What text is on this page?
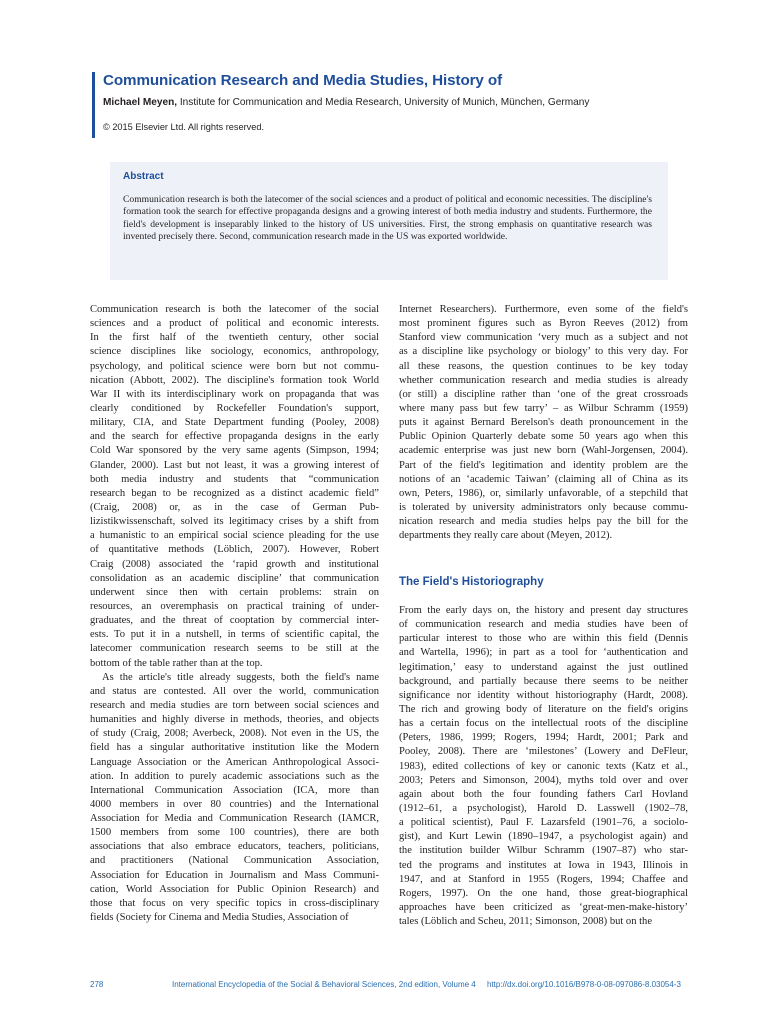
Communication Research and Media Studies, History of
Michael Meyen, Institute for Communication and Media Research, University of Munich, München, Germany
© 2015 Elsevier Ltd. All rights reserved.
Abstract
Communication research is both the latecomer of the social sciences and a product of political and economic necessities. The discipline's formation took the search for effective propaganda designs and a growing interest of both media industry and students. Furthermore, the field's development is inseparably linked to the history of US universities. First, the strong emphasis on quantitative research was invented precisely there. Second, communication research made in the US was exported worldwide.
Communication research is both the latecomer of the social
sciences and a product of political and economic interests.
In the first half of the twentieth century, other social
science disciplines like sociology, economics, anthropology,
psychology, and political science were born but not commu-
nication (Abbott, 2002). The discipline's formation took World
War II with its interdisciplinary work on propaganda that was
clearly conditioned by Rockefeller Foundation's support,
military, CIA, and State Department funding (Pooley, 2008)
and the search for effective propaganda designs in the early
Cold War sponsored by the very same agents (Simpson, 1994;
Glander, 2000). Last but not least, it was a growing interest of
both media industry and students that “communication
research began to be recognized as a distinct academic field”
(Craig, 2008) or, as in the case of German Pub-
lizistikwissenschaft, solved its legitimacy crises by a shift from
a humanistic to an empirical social science pleading for the use
of quantitative methods (Löblich, 2007). However, Robert
Craig (2008) associated the ‘rapid growth and institutional
consolidation as an academic discipline’ that communication
underwent since then with certain problems: strain on
resources, an overemphasis on practical training of under-
graduates, and the threat of cooptation by commercial inter-
ests. To put it in a nutshell, in terms of scientific capital, the
latecomer communication research seems to be still at the
bottom of the table rather than at the top.
As the article's title already suggests, both the field's name
and status are contested. All over the world, communication
research and media studies are torn between social sciences and
humanities and highly diverse in methods, theories, and objects
of study (Craig, 2008; Averbeck, 2008). Not even in the US, the
field has a singular authoritative institution like the Modern
Language Association or the American Anthropological Associ-
ation. In addition to purely academic associations such as the
International Communication Association (ICA, more than
4000 members in over 80 countries) and the International
Association for Media and Communication Research (IAMCR,
1500 members from some 100 countries), there are both
associations that also embrace educators, teachers, politicians,
and practitioners (National Communication Association,
Association for Education in Journalism and Mass Communi-
cation, World Association for Public Opinion Research) and
those that focus on very specific topics in cross-disciplinary
fields (Society for Cinema and Media Studies, Association of
Internet Researchers). Furthermore, even some of the field's
most prominent figures such as Byron Reeves (2012) from
Stanford view communication ‘very much as a subject and not
as a discipline like psychology or biology’ to this very day. For
all these reasons, the question continues to be key today
whether communication research and media studies is already
(or still) a discipline rather than ‘one of the great crossroads
where many pass but few tarry’ – as Wilbur Schramm (1959)
puts it against Bernard Berelson's death pronouncement in the
Public Opinion Quarterly debate some 50 years ago when this
academic enterprise was just new born (Wahl-Jorgensen, 2004).
Part of the field's legitimation and identity problem are the
notions of an ‘academic Taiwan’ (claiming all of China as its
own, Peters, 1986), or, similarly unfavorable, of a stepchild that
is tolerated by university administrators only because commu-
nication research and media studies helps pay the bill for the
departments they really care about (Meyen, 2012).
The Field's Historiography
From the early days on, the history and present day structures
of communication research and media studies have been of
particular interest to those who are within this field (Dennis
and Wartella, 1996); in part as a tool for ‘authentication and
legitimation,’ easy to understand against the just outlined
background, and partially because there seems to be neither
significance nor identity without historiography (Hardt, 2008).
The rich and growing body of literature on the field's origins
has a certain focus on the intellectual roots of the discipline
(Peters, 1986, 1999; Rogers, 1994; Hardt, 2001; Park and
Pooley, 2008). There are ‘milestones’ (Lowery and DeFleur,
1983), edited collections of key or canonic texts (Katz et al.,
2003; Peters and Simonson, 2004), myths told over and over
again about both the four founding fathers Carl Hovland
(1912–61, a psychologist), Harold D. Lasswell (1902–78,
a political scientist), Paul F. Lazarsfeld (1901–76, a sociolo-
gist), and Kurt Lewin (1890–1947, a psychologist again) and
the institution builder Wilbur Schramm (1907–87) who star-
ted the programs and institutes at Iowa in 1943, Illinois in
1947, and at Stanford in 1955 (Rogers, 1994; Chaffee and
Rogers, 1997). On the one hand, those great-biographical
approaches have been criticized as ‘great-men-make-history’
tales (Löblich and Scheu, 2011; Simonson, 2008) but on the
278	International Encyclopedia of the Social & Behavioral Sciences, 2nd edition, Volume 4 http://dx.doi.org/10.1016/B978-0-08-097086-8.03054-3
